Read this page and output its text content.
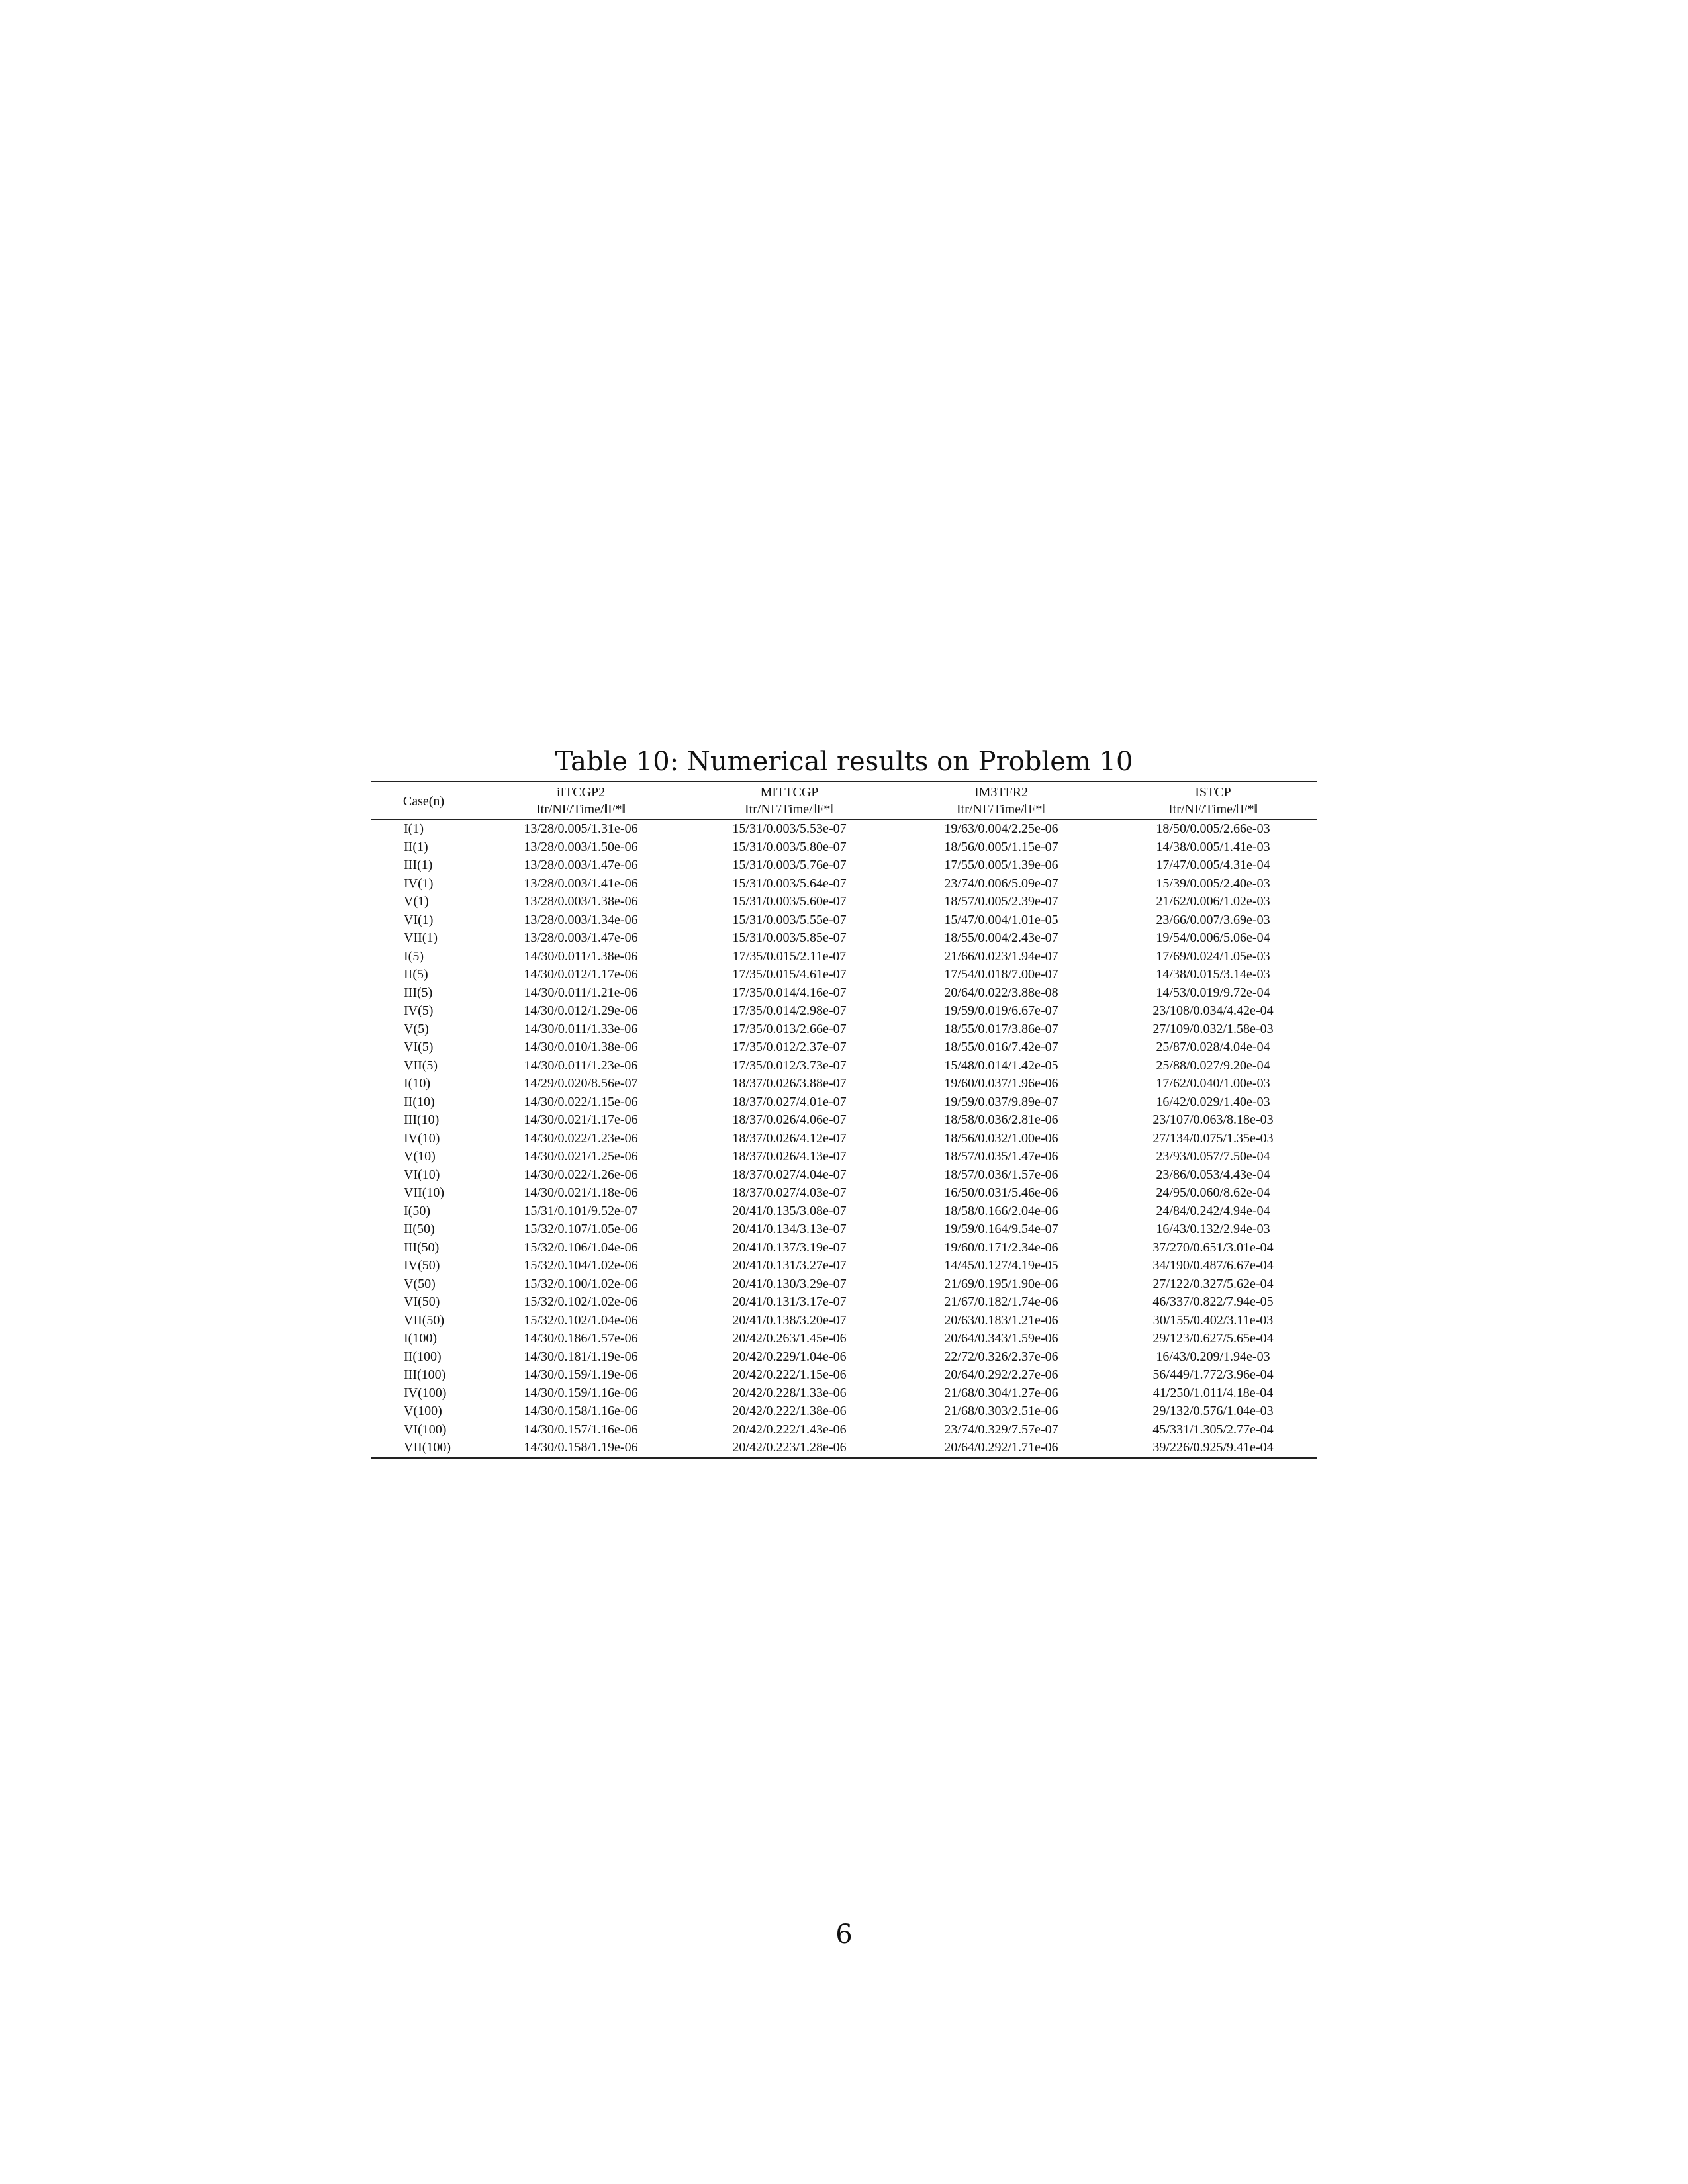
Table 10: Numerical results on Problem 10
Case(n)	iITCGP2	MITTCGP	IM3TFR2	ISTCP
	Itr/NF/Time/‖F*‖	Itr/NF/Time/‖F*‖	Itr/NF/Time/‖F*‖	Itr/NF/Time/‖F*‖
I(1)	13/28/0.005/1.31e-06	15/31/0.003/5.53e-07	19/63/0.004/2.25e-06	18/50/0.005/2.66e-03
II(1)	13/28/0.003/1.50e-06	15/31/0.003/5.80e-07	18/56/0.005/1.15e-07	14/38/0.005/1.41e-03
III(1)	13/28/0.003/1.47e-06	15/31/0.003/5.76e-07	17/55/0.005/1.39e-06	17/47/0.005/4.31e-04
IV(1)	13/28/0.003/1.41e-06	15/31/0.003/5.64e-07	23/74/0.006/5.09e-07	15/39/0.005/2.40e-03
V(1)	13/28/0.003/1.38e-06	15/31/0.003/5.60e-07	18/57/0.005/2.39e-07	21/62/0.006/1.02e-03
VI(1)	13/28/0.003/1.34e-06	15/31/0.003/5.55e-07	15/47/0.004/1.01e-05	23/66/0.007/3.69e-03
VII(1)	13/28/0.003/1.47e-06	15/31/0.003/5.85e-07	18/55/0.004/2.43e-07	19/54/0.006/5.06e-04
I(5)	14/30/0.011/1.38e-06	17/35/0.015/2.11e-07	21/66/0.023/1.94e-07	17/69/0.024/1.05e-03
II(5)	14/30/0.012/1.17e-06	17/35/0.015/4.61e-07	17/54/0.018/7.00e-07	14/38/0.015/3.14e-03
III(5)	14/30/0.011/1.21e-06	17/35/0.014/4.16e-07	20/64/0.022/3.88e-08	14/53/0.019/9.72e-04
IV(5)	14/30/0.012/1.29e-06	17/35/0.014/2.98e-07	19/59/0.019/6.67e-07	23/108/0.034/4.42e-04
V(5)	14/30/0.011/1.33e-06	17/35/0.013/2.66e-07	18/55/0.017/3.86e-07	27/109/0.032/1.58e-03
VI(5)	14/30/0.010/1.38e-06	17/35/0.012/2.37e-07	18/55/0.016/7.42e-07	25/87/0.028/4.04e-04
VII(5)	14/30/0.011/1.23e-06	17/35/0.012/3.73e-07	15/48/0.014/1.42e-05	25/88/0.027/9.20e-04
I(10)	14/29/0.020/8.56e-07	18/37/0.026/3.88e-07	19/60/0.037/1.96e-06	17/62/0.040/1.00e-03
II(10)	14/30/0.022/1.15e-06	18/37/0.027/4.01e-07	19/59/0.037/9.89e-07	16/42/0.029/1.40e-03
III(10)	14/30/0.021/1.17e-06	18/37/0.026/4.06e-07	18/58/0.036/2.81e-06	23/107/0.063/8.18e-03
IV(10)	14/30/0.022/1.23e-06	18/37/0.026/4.12e-07	18/56/0.032/1.00e-06	27/134/0.075/1.35e-03
V(10)	14/30/0.021/1.25e-06	18/37/0.026/4.13e-07	18/57/0.035/1.47e-06	23/93/0.057/7.50e-04
VI(10)	14/30/0.022/1.26e-06	18/37/0.027/4.04e-07	18/57/0.036/1.57e-06	23/86/0.053/4.43e-04
VII(10)	14/30/0.021/1.18e-06	18/37/0.027/4.03e-07	16/50/0.031/5.46e-06	24/95/0.060/8.62e-04
I(50)	15/31/0.101/9.52e-07	20/41/0.135/3.08e-07	18/58/0.166/2.04e-06	24/84/0.242/4.94e-04
II(50)	15/32/0.107/1.05e-06	20/41/0.134/3.13e-07	19/59/0.164/9.54e-07	16/43/0.132/2.94e-03
III(50)	15/32/0.106/1.04e-06	20/41/0.137/3.19e-07	19/60/0.171/2.34e-06	37/270/0.651/3.01e-04
IV(50)	15/32/0.104/1.02e-06	20/41/0.131/3.27e-07	14/45/0.127/4.19e-05	34/190/0.487/6.67e-04
V(50)	15/32/0.100/1.02e-06	20/41/0.130/3.29e-07	21/69/0.195/1.90e-06	27/122/0.327/5.62e-04
VI(50)	15/32/0.102/1.02e-06	20/41/0.131/3.17e-07	21/67/0.182/1.74e-06	46/337/0.822/7.94e-05
VII(50)	15/32/0.102/1.04e-06	20/41/0.138/3.20e-07	20/63/0.183/1.21e-06	30/155/0.402/3.11e-03
I(100)	14/30/0.186/1.57e-06	20/42/0.263/1.45e-06	20/64/0.343/1.59e-06	29/123/0.627/5.65e-04
II(100)	14/30/0.181/1.19e-06	20/42/0.229/1.04e-06	22/72/0.326/2.37e-06	16/43/0.209/1.94e-03
III(100)	14/30/0.159/1.19e-06	20/42/0.222/1.15e-06	20/64/0.292/2.27e-06	56/449/1.772/3.96e-04
IV(100)	14/30/0.159/1.16e-06	20/42/0.228/1.33e-06	21/68/0.304/1.27e-06	41/250/1.011/4.18e-04
V(100)	14/30/0.158/1.16e-06	20/42/0.222/1.38e-06	21/68/0.303/2.51e-06	29/132/0.576/1.04e-03
VI(100)	14/30/0.157/1.16e-06	20/42/0.222/1.43e-06	23/74/0.329/7.57e-07	45/331/1.305/2.77e-04
VII(100)	14/30/0.158/1.19e-06	20/42/0.223/1.28e-06	20/64/0.292/1.71e-06	39/226/0.925/9.41e-04
6
